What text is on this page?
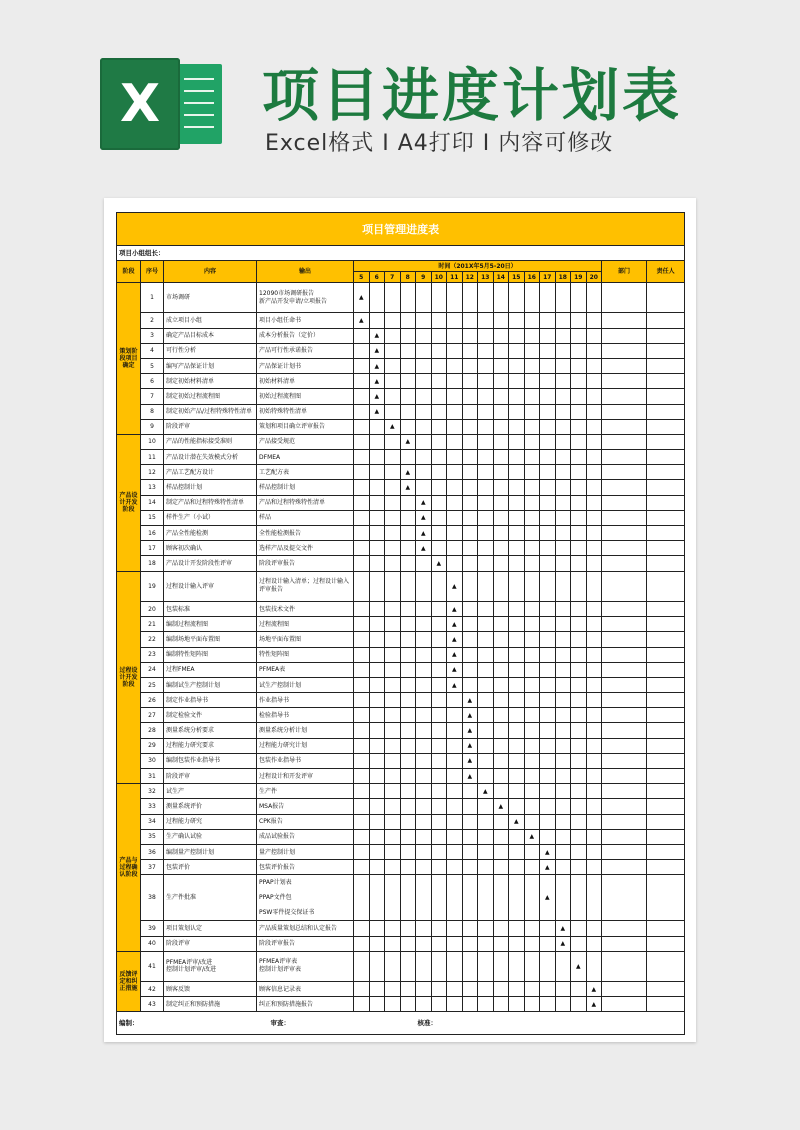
X	项目进度计划表
Excel格式 I A4打印 I 内容可修改
项目管理进度表																					
项目小组组长：																					
阶段	序号	内容	输出	时间（201X年5月5-20日）																部门	责任人
				5	6	7	8	9	10	11	12	13	14	15	16	17	18	19	20		
策划阶段项目确定	1	市场调研	12090市场调研报告
新产品开发申请/立项报告	▲																	
	2	成立项目小组	项目小组任命书	▲																	
	3	确定产品目标成本	成本分析报告（定价）		▲																
	4	可行性分析	产品可行性承诺报告		▲																
	5	编写产品保证计划	产品保证计划书		▲																
	6	制定初始材料清单	初始材料清单		▲																
	7	制定初始过程流程图	初始过程流程图		▲																
	8	制定初始产品/过程特殊特性清单	初始特殊特性清单		▲																
	9	阶段评审	策划和项目确立评审报告			▲															
产品设计开发阶段	10	产品的性能指标接受准则	产品接受规范				▲														
	11	产品设计潜在失效模式分析	DFMEA																		
	12	产品工艺配方设计	工艺配方表				▲														
	13	样品控制计划	样品控制计划				▲														
	14	制定产品和过程特殊特性清单	产品和过程特殊特性清单					▲													
	15	样件生产（小试）	样品					▲													
	16	产品全性能检测	全性能检测报告					▲													
	17	顾客初次确认	选样产品及提交文件					▲													
	18	产品设计开发阶段性评审	阶段评审报告						▲												
过程设计开发阶段	19	过程设计输入评审	过程设计输入清单；过程设计输入评审报告							▲											
	20	包装标准	包装技术文件							▲											
	21	编制过程流程图	过程流程图							▲											
	22	编制场地平面布置图	场地平面布置图							▲											
	23	编制特性矩阵图	特性矩阵图							▲											
	24	过程FMEA	PFMEA表							▲											
	25	编制试生产控制计划	试生产控制计划							▲											
	26	制定作业指导书	作业指导书								▲										
	27	制定检验文件	检验指导书								▲										
	28	测量系统分析要求	测量系统分析计划								▲										
	29	过程能力研究要求	过程能力研究计划								▲										
	30	编制包装作业指导书	包装作业指导书								▲										
	31	阶段评审	过程设计和开发评审								▲										
产品与过程确认阶段	32	试生产	生产件									▲									
	33	测量系统评价	MSA报告										▲								
	34	过程能力研究	CPK报告											▲							
	35	生产确认试验	成品试验报告												▲						
	36	编制量产控制计划	量产控制计划													▲					
	37	包装评价	包装评价报告													▲					
	38	生产件批准	PPAP计划表
PPAP文件包
PSW零件提交保证书													▲					
	39	项目策划认定	产品质量策划总结和认定报告														▲				
	40	阶段评审	阶段评审报告														▲				
反馈评定和纠正措施	41	PFMEA评审/改进
控制计划评审/改进	PFMEA评审表
控制计划评审表															▲			
	42	顾客反馈	顾客信息记录表																▲		
	43	制定纠正和预防措施	纠正和预防措施报告																▲		
编制：			审查：					核准：													
